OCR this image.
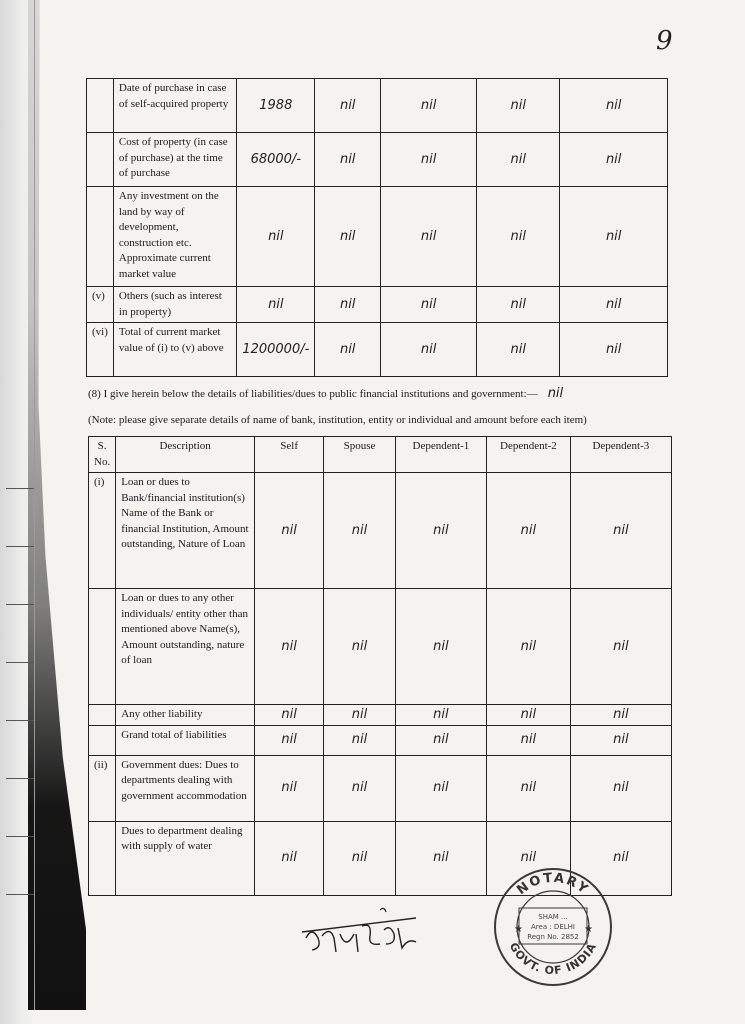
9
	Date of purchase in case of self-acquired property	1988	nil	nil	nil	nil
	Cost of property (in case of purchase) at the time of purchase	68000/-	nil	nil	nil	nil
	Any investment on the land by way of development, construction etc. Approximate current market value	nil	nil	nil	nil	nil
(v)	Others (such as interest in property)	nil	nil	nil	nil	nil
(vi)	Total of current market value of (i) to (v) above	1200000/-	nil	nil	nil	nil
(8) I give herein below the details of liabilities/dues to public financial institutions and government:— nil
(Note: please give separate details of name of bank, institution, entity or individual and amount before each item)
S. No.	Description	Self	Spouse	Dependent-1	Dependent-2	Dependent-3
(i)	Loan or dues to Bank/financial institution(s) Name of the Bank or financial Institution, Amount outstanding, Nature of Loan	nil	nil	nil	nil	nil
	Loan or dues to any other individuals/ entity other than mentioned above Name(s), Amount outstanding, nature of loan	nil	nil	nil	nil	nil
	Any other liability	nil	nil	nil	nil	nil
	Grand total of liabilities	nil	nil	nil	nil	nil
(ii)	Government dues: Dues to departments dealing with government accommodation	nil	nil	nil	nil	nil
	Dues to department dealing with supply of water	nil	nil	nil	nil	nil
NOTARY
GOVT. OF INDIA
SHAM ...
Area : DELHI
Regn No. 2852
★	★
